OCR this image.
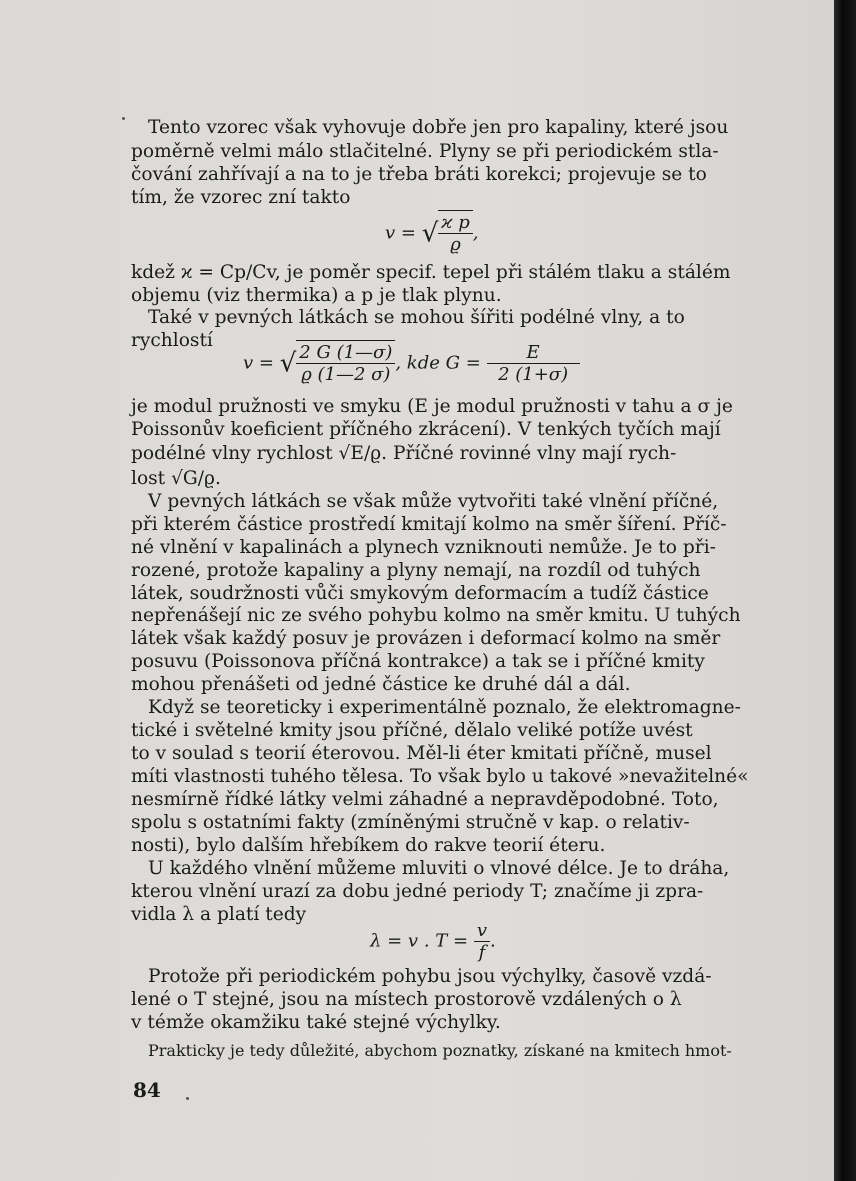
Tento vzorec však vyhovuje dobře jen pro kapaliny, které jsou
poměrně velmi málo stlačitelné. Plyny se při periodickém stla-
čování zahřívají a na to je třeba bráti korekci; projevuje se to
tím, že vzorec zní takto
v = √ $\frac{\text{ϰ p}}{ϱ}$ ,
kdež ϰ = Cp/Cv, je poměr specif. tepel při stálém tlaku a stálém
objemu (viz thermika) a p je tlak plynu.
Také v pevných látkách se mohou šířiti podélné vlny, a to
rychlostí
v = √ $\frac{2 G (1—\sigma)}{ϱ (1—2 \sigma)}$ , kde $G = \frac{E}{2 (1+\sigma)}$
je modul pružnosti ve smyku (E je modul pružnosti v tahu a σ je
Poissonův koeficient příčného zkrácení). V tenkých tyčích mají
podélné vlny rychlost √E/ϱ. Příčné rovinné vlny mají rych-
lost √G/ϱ.
V pevných látkách se však může vytvořiti také vlnění příčné,
při kterém částice prostředí kmitají kolmo na směr šíření. Příč-
né vlnění v kapalinách a plynech vzniknouti nemůže. Je to při-
rozené, protože kapaliny a plyny nemají, na rozdíl od tuhých
látek, soudržnosti vůči smykovým deformacím a tudíž částice
nepřenášejí nic ze svého pohybu kolmo na směr kmitu. U tuhých
látek však každý posuv je provázen i deformací kolmo na směr
posuvu (Poissonova příčná kontrakce) a tak se i příčné kmity
mohou přenášeti od jedné částice ke druhé dál a dál.
Když se teoreticky i experimentálně poznalo, že elektromagne-
tické i světelné kmity jsou příčné, dělalo veliké potíže uvést
to v soulad s teorií éterovou. Měl-li éter kmitati příčně, musel
míti vlastnosti tuhého tělesa. To však bylo u takové »nevažitelné«
nesmírně řídké látky velmi záhadné a nepravděpodobné. Toto,
spolu s ostatními fakty (zmíněnými stručně v kap. o relativ-
nosti), bylo dalším hřebíkem do rakve teorií éteru.
U každého vlnění můžeme mluviti o vlnové délce. Je to dráha,
kterou vlnění urazí za dobu jedné periody T; značíme ji zpra-
vidla λ a platí tedy
λ = v . $T = \frac{v}{f}$ .
Protože při periodickém pohybu jsou výchylky, časově vzdá-
lené o T stejné, jsou na místech prostorově vzdálených o λ
v témže okamžiku také stejné výchylky.
Prakticky je tedy důležité, abychom poznatky, získané na kmitech hmot-
84
